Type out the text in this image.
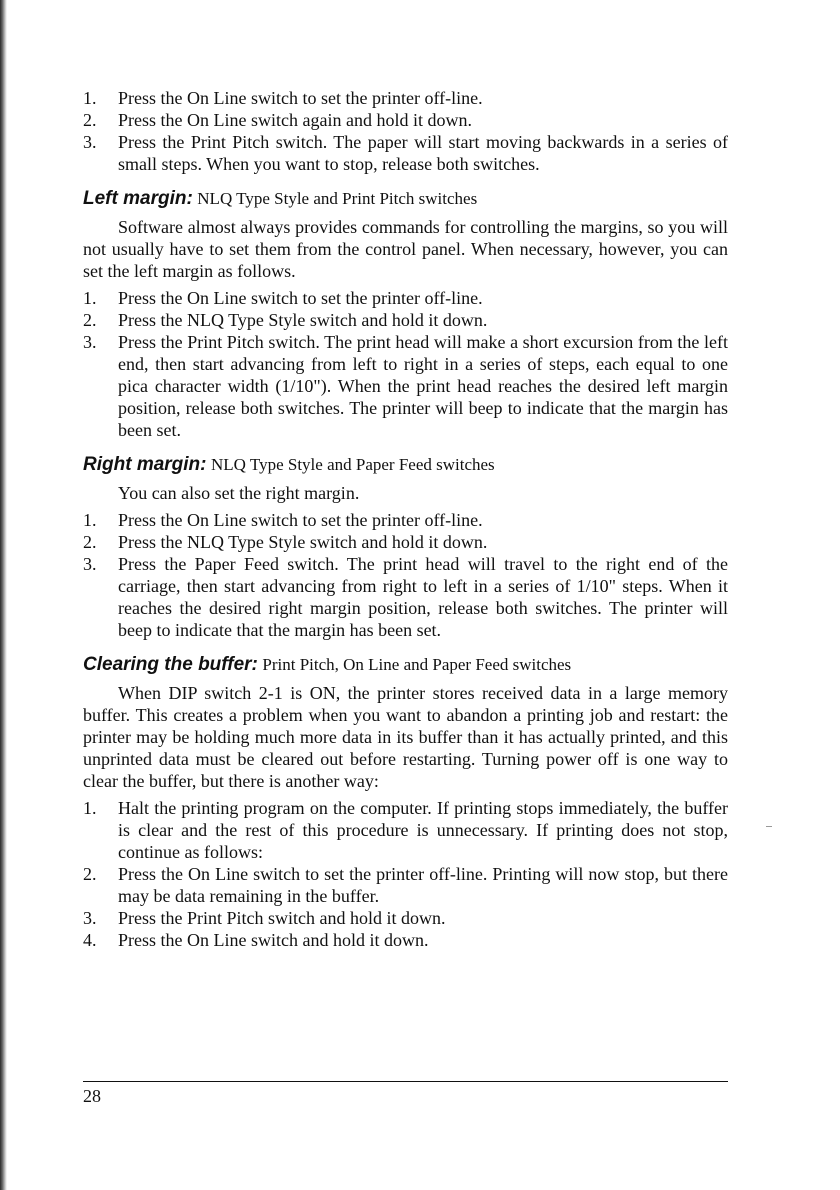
1. Press the On Line switch to set the printer off-line.
2. Press the On Line switch again and hold it down.
3. Press the Print Pitch switch. The paper will start moving backwards in a series of small steps. When you want to stop, release both switches.
Left margin: NLQ Type Style and Print Pitch switches

Software almost always provides commands for controlling the margins, so you will not usually have to set them from the control panel. When necessary, however, you can set the left margin as follows.

1. Press the On Line switch to set the printer off-line.
2. Press the NLQ Type Style switch and hold it down.
3. Press the Print Pitch switch. The print head will make a short excursion from the left end, then start advancing from left to right in a series of steps, each equal to one pica character width (1/10"). When the print head reaches the desired left margin position, release both switches. The printer will beep to indicate that the margin has been set.
Right margin: NLQ Type Style and Paper Feed switches

You can also set the right margin.

1. Press the On Line switch to set the printer off-line.
2. Press the NLQ Type Style switch and hold it down.
3. Press the Paper Feed switch. The print head will travel to the right end of the carriage, then start advancing from right to left in a series of 1/10" steps. When it reaches the desired right margin position, release both switches. The printer will beep to indicate that the margin has been set.
Clearing the buffer: Print Pitch, On Line and Paper Feed switches

When DIP switch 2-1 is ON, the printer stores received data in a large memory buffer. This creates a problem when you want to abandon a printing job and restart: the printer may be holding much more data in its buffer than it has actually printed, and this unprinted data must be cleared out before restarting. Turning power off is one way to clear the buffer, but there is another way:

1. Halt the printing program on the computer. If printing stops immediately, the buffer is clear and the rest of this procedure is unnecessary. If printing does not stop, continue as follows:
2. Press the On Line switch to set the printer off-line. Printing will now stop, but there may be data remaining in the buffer.
3. Press the Print Pitch switch and hold it down.
4. Press the On Line switch and hold it down.
28
